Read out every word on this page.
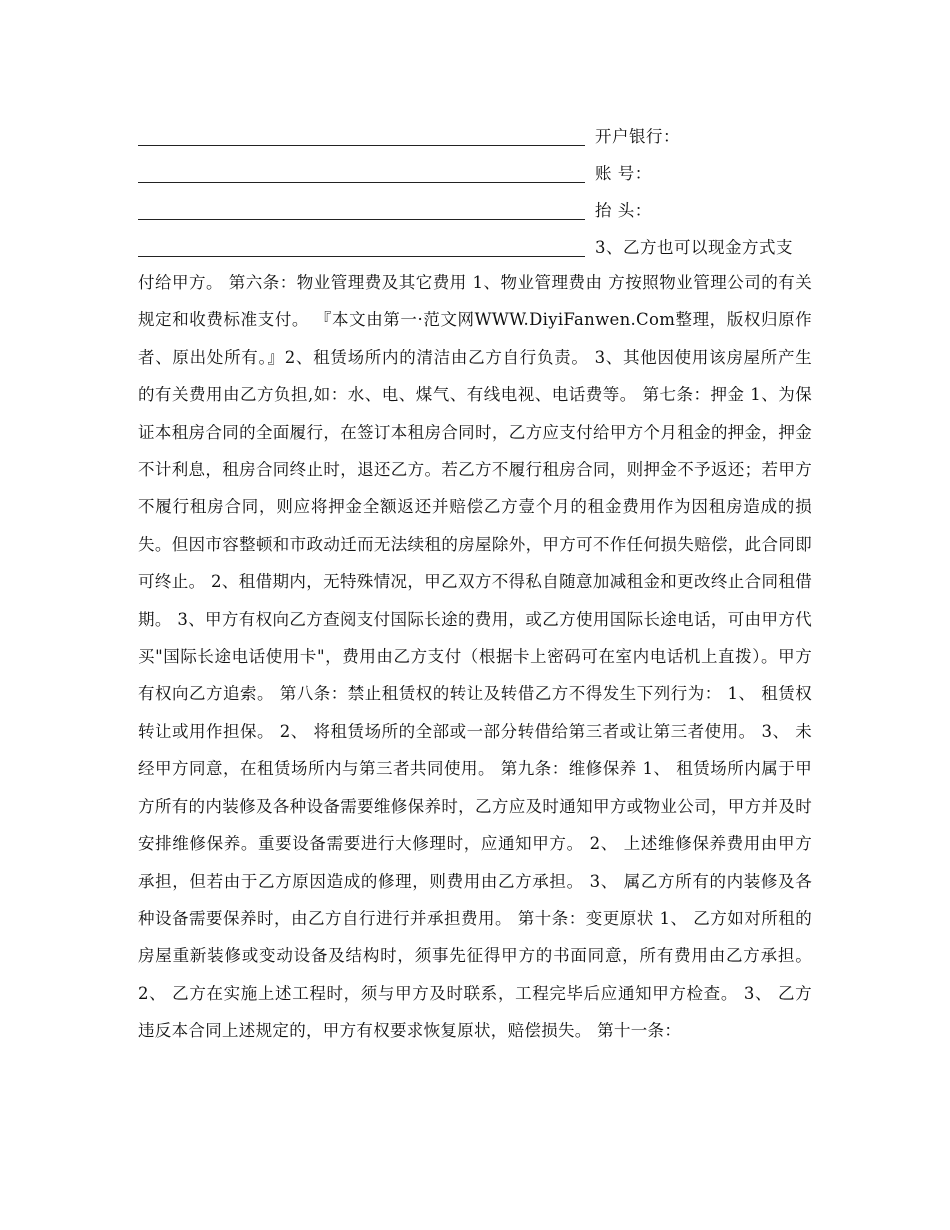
开户银行：
账 号：
抬 头：
3、乙方也可以现金方式支

付给甲方。 第六条：物业管理费及其它费用 1、物业管理费由 方按照物业管理公司的有关规定和收费标准支付。 『本文由第一·范文网WWW.DiyiFanwen.Com整理，版权归原作者、原出处所有。』2、租赁场所内的清洁由乙方自行负责。 3、其他因使用该房屋所产生的有关费用由乙方负担,如：水、电、煤气、有线电视、电话费等。 第七条：押金 1、为保证本租房合同的全面履行，在签订本租房合同时，乙方应支付给甲方个月租金的押金，押金不计利息，租房合同终止时，退还乙方。若乙方不履行租房合同，则押金不予返还；若甲方不履行租房合同，则应将押金全额返还并赔偿乙方壹个月的租金费用作为因租房造成的损失。但因市容整顿和市政动迁而无法续租的房屋除外，甲方可不作任何损失赔偿，此合同即可终止。 2、租借期内，无特殊情况，甲乙双方不得私自随意加减租金和更改终止合同租借期。 3、甲方有权向乙方查阅支付国际长途的费用，或乙方使用国际长途电话，可由甲方代买"国际长途电话使用卡"，费用由乙方支付（根据卡上密码可在室内电话机上直拨）。甲方有权向乙方追索。 第八条：禁止租赁权的转让及转借乙方不得发生下列行为： 1、 租赁权转让或用作担保。 2、 将租赁场所的全部或一部分转借给第三者或让第三者使用。 3、 未经甲方同意，在租赁场所内与第三者共同使用。 第九条：维修保养 1、 租赁场所内属于甲方所有的内装修及各种设备需要维修保养时，乙方应及时通知甲方或物业公司，甲方并及时安排维修保养。重要设备需要进行大修理时，应通知甲方。 2、 上述维修保养费用由甲方承担，但若由于乙方原因造成的修理，则费用由乙方承担。 3、 属乙方所有的内装修及各种设备需要保养时，由乙方自行进行并承担费用。 第十条：变更原状 1、 乙方如对所租的房屋重新装修或变动设备及结构时，须事先征得甲方的书面同意，所有费用由乙方承担。 2、 乙方在实施上述工程时，须与甲方及时联系，工程完毕后应通知甲方检查。 3、 乙方违反本合同上述规定的，甲方有权要求恢复原状，赔偿损失。 第十一条：
